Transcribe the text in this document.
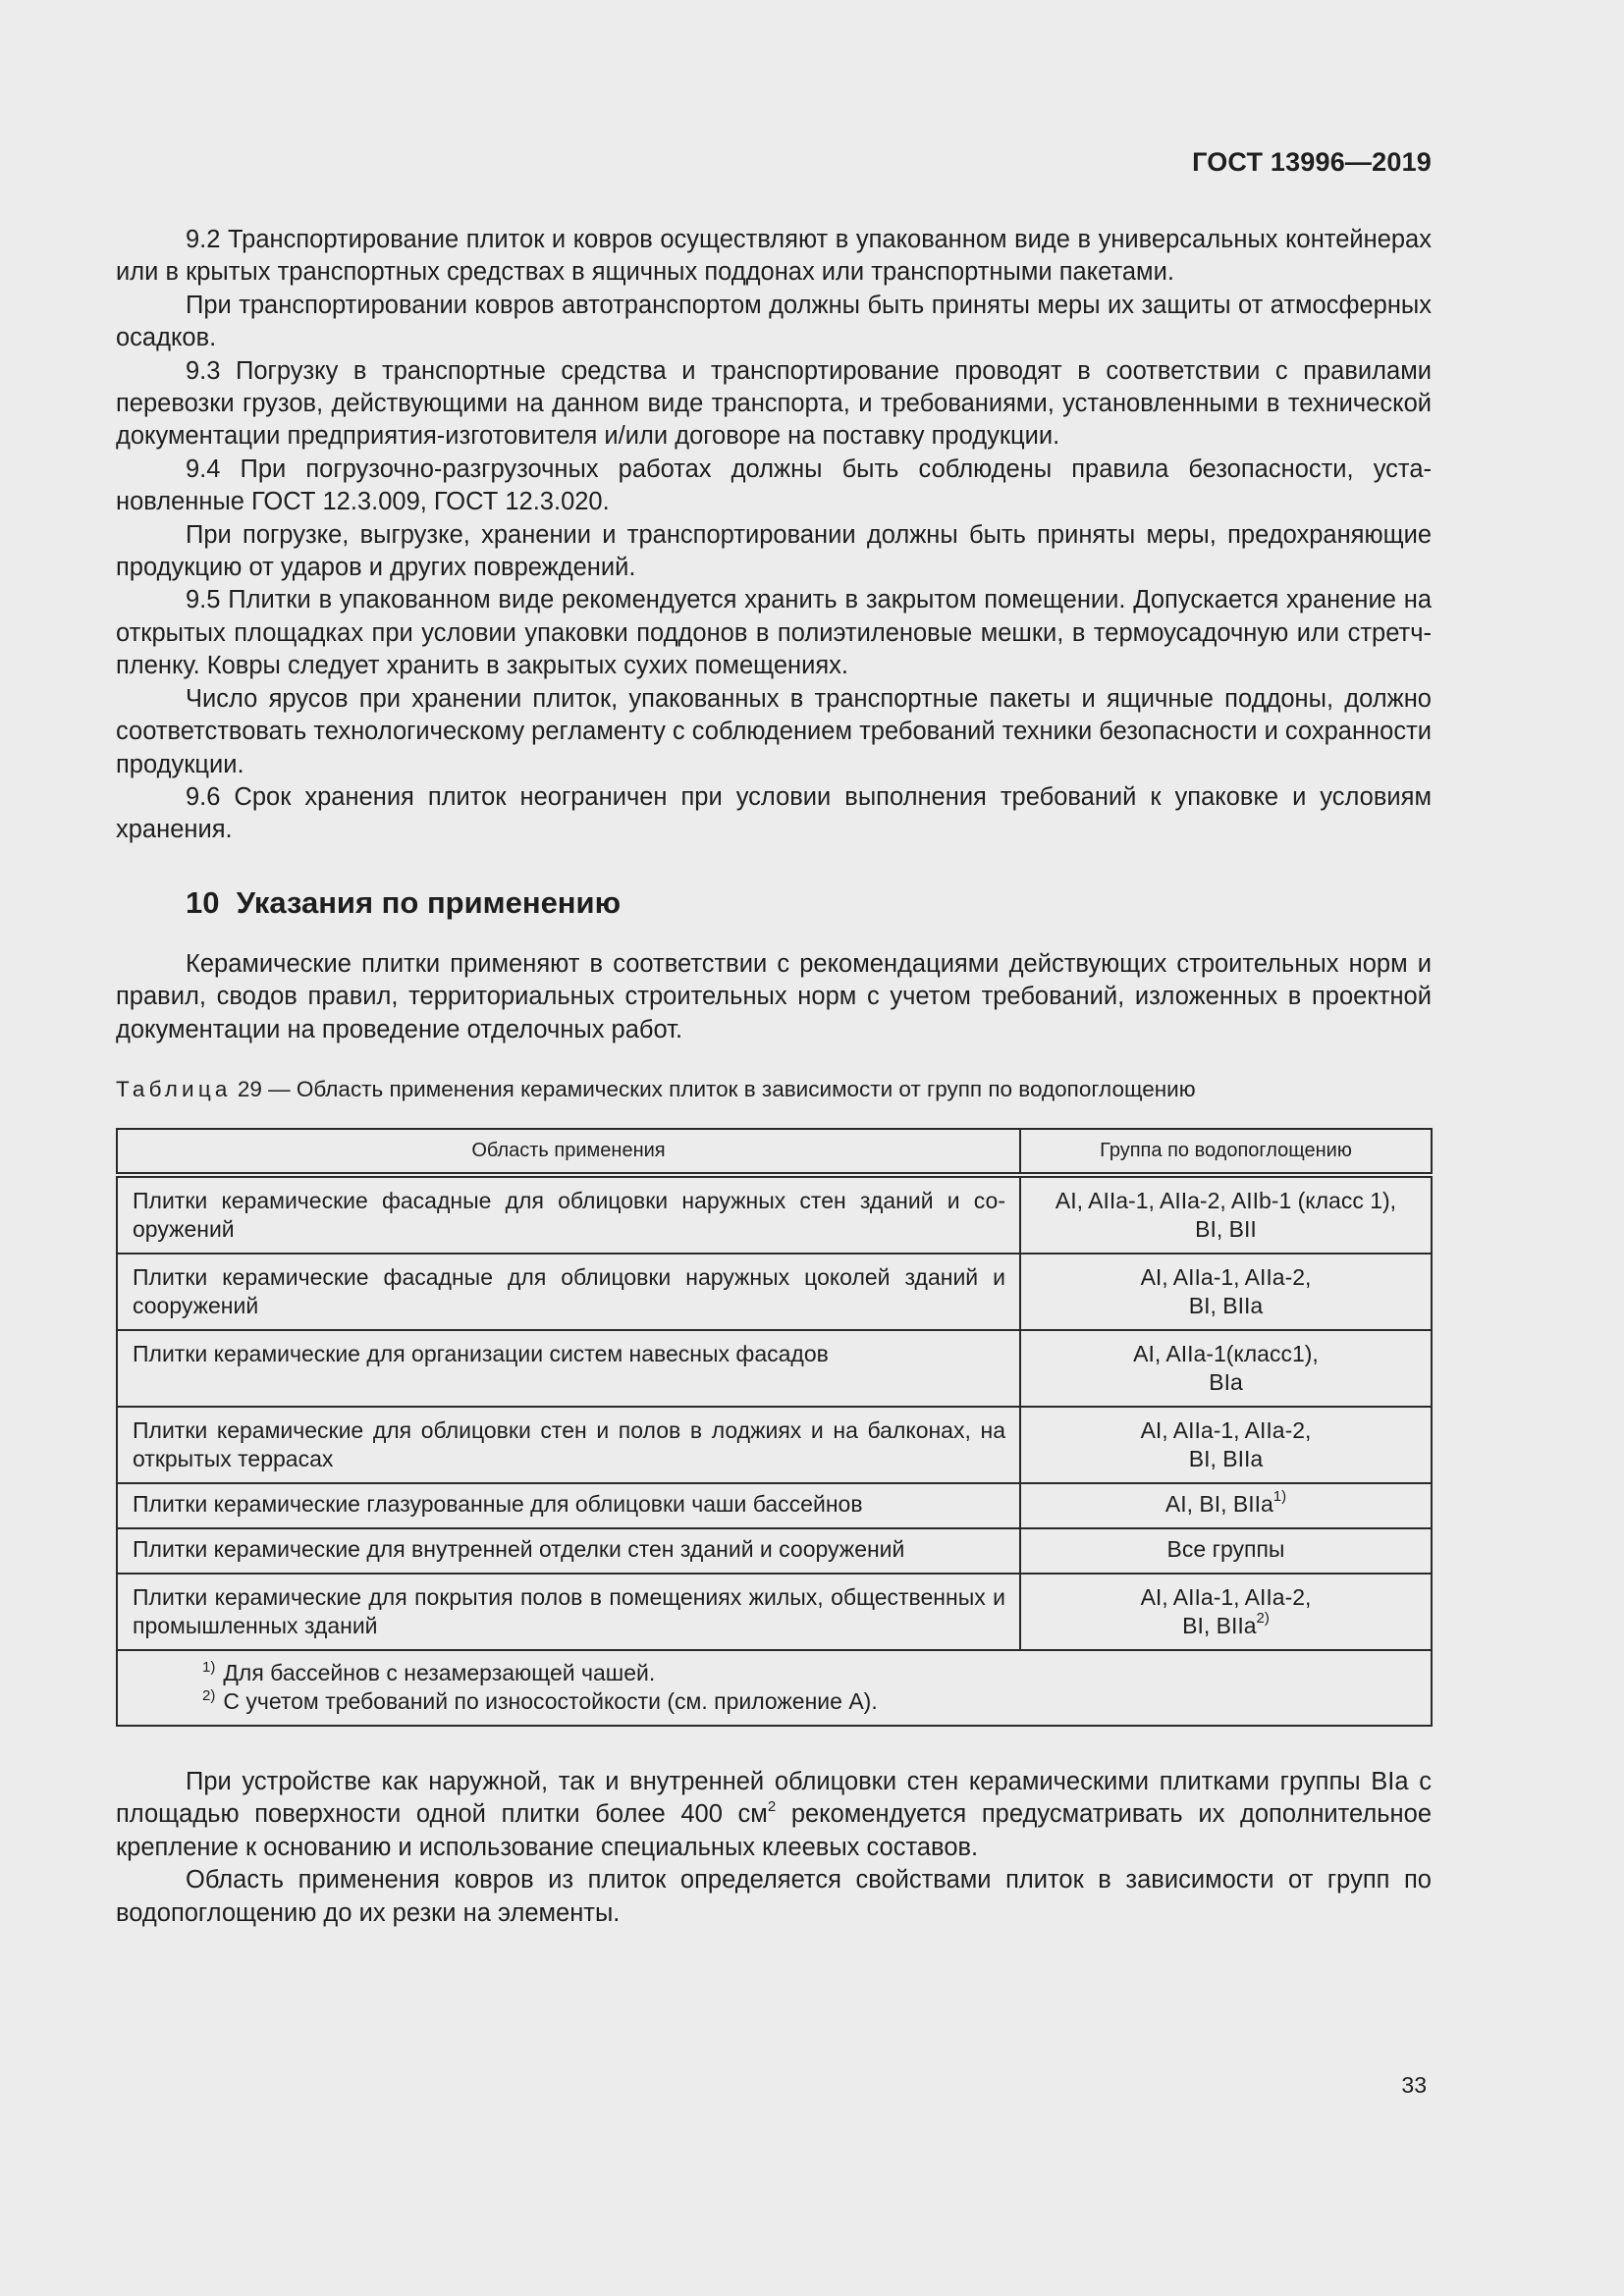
ГОСТ 13996—2019

9.2 Транспортирование плиток и ковров осуществляют в упакованном виде в универсальных контейнерах или в крытых транспортных средствах в ящичных поддонах или транспортными пакетами.

При транспортировании ковров автотранспортом должны быть приняты меры их защиты от атмосферных осадков.

9.3 Погрузку в транспортные средства и транспортирование проводят в соответствии с правилами перевозки грузов, действующими на данном виде транспорта, и требованиями, установленными в технической документации предприятия-изготовителя и/или договоре на поставку продукции.

9.4 При погрузочно-разгрузочных работах должны быть соблюдены правила безопасности, установленные ГОСТ 12.3.009, ГОСТ 12.3.020.

При погрузке, выгрузке, хранении и транспортировании должны быть приняты меры, предохраняющие продукцию от ударов и других повреждений.

9.5 Плитки в упакованном виде рекомендуется хранить в закрытом помещении. Допускается хранение на открытых площадках при условии упаковки поддонов в полиэтиленовые мешки, в термоусадочную или стретч-пленку. Ковры следует хранить в закрытых сухих помещениях.

Число ярусов при хранении плиток, упакованных в транспортные пакеты и ящичные поддоны, должно соответствовать технологическому регламенту с соблюдением требований техники безопасности и сохранности продукции.

9.6 Срок хранения плиток неограничен при условии выполнения требований к упаковке и условиям хранения.

10 Указания по применению

Керамические плитки применяют в соответствии с рекомендациями действующих строительных норм и правил, сводов правил, территориальных строительных норм с учетом требований, изложенных в проектной документации на проведение отделочных работ.

Таблица 29 — Область применения керамических плиток в зависимости от групп по водопоглощению
Область применения	Группа по водопоглощению
Плитки керамические фасадные для облицовки наружных стен зданий и сооружений	AI, AIIa-1, AIIa-2, AIIb-1 (класс 1),
BI, BII
Плитки керамические фасадные для облицовки наружных цоколей зданий и сооружений	AI, AIIa-1, AIIa-2,
BI, BIIa
Плитки керамические для организации систем навесных фасадов	AI, AIIa-1(класс1),
BIa
Плитки керамические для облицовки стен и полов в лоджиях и на балконах, на открытых террасах	AI, AIIa-1, AIIa-2,
BI, BIIa
Плитки керамические глазурованные для облицовки чаши бассейнов	AI, BI, BIIa$^{1)}$
Плитки керамические для внутренней отделки стен зданий и сооружений	Все группы
Плитки керамические для покрытия полов в помещениях жилых, общественных и промышленных зданий	AI, AIIa-1, AIIa-2,
BI, BIIa$^{2)}$

$^{1)}$ Для бассейнов с незамерзающей чашей.
$^{2)}$ С учетом требований по износостойкости (см. приложение А).	

При устройстве как наружной, так и внутренней облицовки стен керамическими плитками группы BIa с площадью поверхности одной плитки более 400 $см^2$ рекомендуется предусматривать их дополнительное крепление к основанию и использование специальных клеевых составов.

Область применения ковров из плиток определяется свойствами плиток в зависимости от групп по водопоглощению до их резки на элементы.

33
